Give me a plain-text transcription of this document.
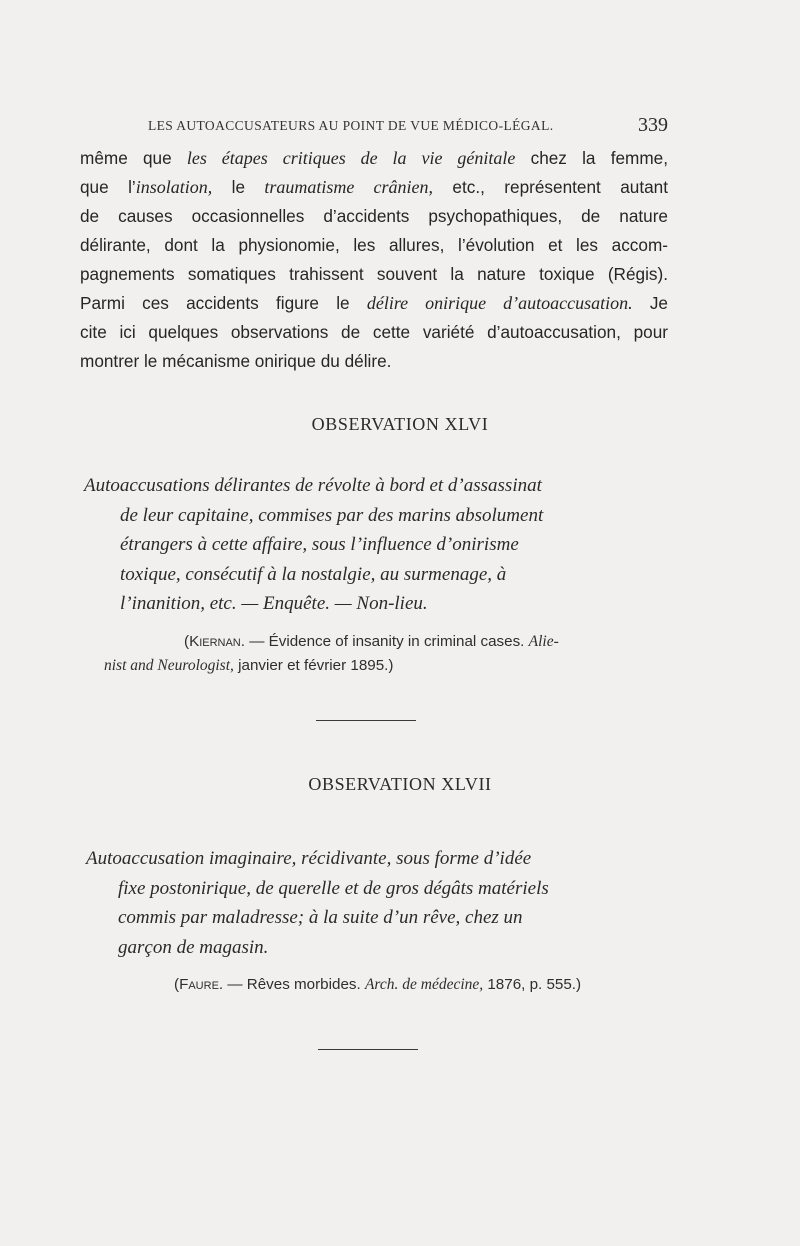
LES AUTOACCUSATEURS AU POINT DE VUE MÉDICO-LÉGAL.	339
même que les étapes critiques de la vie génitale chez la femme,
que l’insolation, le traumatisme crânien, etc., représentent autant
de causes occasionnelles d’accidents psychopathiques, de nature
délirante, dont la physionomie, les allures, l’évolution et les accom-
pagnements somatiques trahissent souvent la nature toxique (Régis).
Parmi ces accidents figure le délire onirique d’autoaccusation. Je
cite ici quelques observations de cette variété d’autoaccusation, pour
montrer le mécanisme onirique du délire.
OBSERVATION XLVI
Autoaccusations délirantes de révolte à bord et d’assassinat
de leur capitaine, commises par des marins absolument
étrangers à cette affaire, sous l’influence d’onirisme
toxique, consécutif à la nostalgie, au surmenage, à
l’inanition, etc. — Enquête. — Non-lieu.
(Kiernan. — Évidence of insanity in criminal cases. Alie-
nist and Neurologist, janvier et février 1895.)
OBSERVATION XLVII
Autoaccusation imaginaire, récidivante, sous forme d’idée
fixe postonirique, de querelle et de gros dégâts matériels
commis par maladresse; à la suite d’un rêve, chez un
garçon de magasin.
(Faure. — Rêves morbides. Arch. de médecine, 1876, p. 555.)
